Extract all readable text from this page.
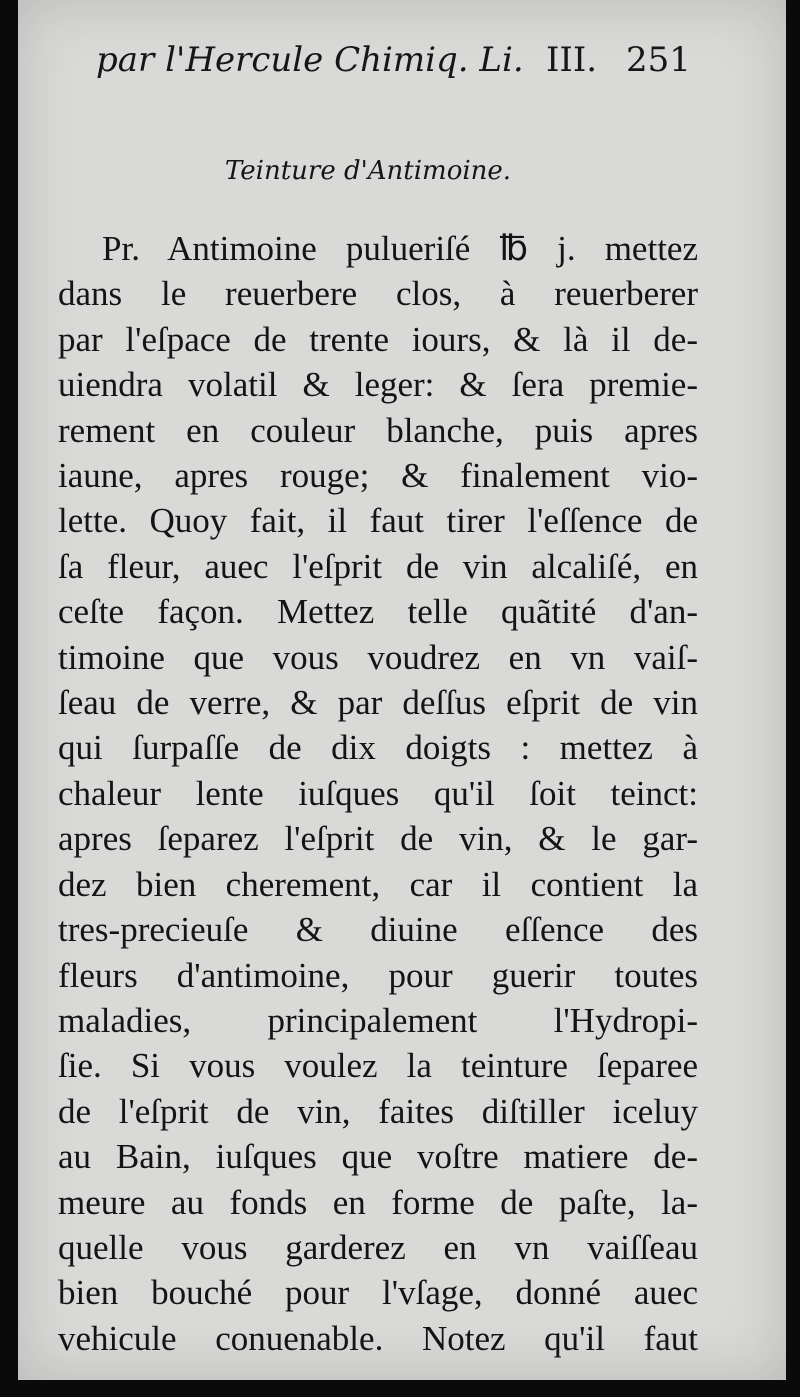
par l'Hercule Chimiq. Li. III. 251
Teinture d'Antimoine.
Pr. Antimoine pulueriſé ℔ j. mettez
dans le reuerbere clos, à reuerberer
par l'eſpace de trente iours, & là il de-
uiendra volatil & leger: & ſera premie-
rement en couleur blanche, puis apres
iaune, apres rouge; & finalement vio-
lette. Quoy fait, il faut tirer l'eſſence de
ſa fleur, auec l'eſprit de vin alcaliſé, en
ceſte façon. Mettez telle quãtité d'an-
timoine que vous voudrez en vn vaiſ-
ſeau de verre, & par deſſus eſprit de vin
qui ſurpaſſe de dix doigts : mettez à
chaleur lente iuſques qu'il ſoit teinct:
apres ſeparez l'eſprit de vin, & le gar-
dez bien cherement, car il contient la
tres-precieuſe & diuine eſſence des
fleurs d'antimoine, pour guerir toutes
maladies, principalement l'Hydropi-
ſie. Si vous voulez la teinture ſeparee
de l'eſprit de vin, faites diſtiller iceluy
au Bain, iuſques que voſtre matiere de-
meure au fonds en forme de paſte, la-
quelle vous garderez en vn vaiſſeau
bien bouché pour l'vſage, donné auec
vehicule conuenable. Notez qu'il faut
